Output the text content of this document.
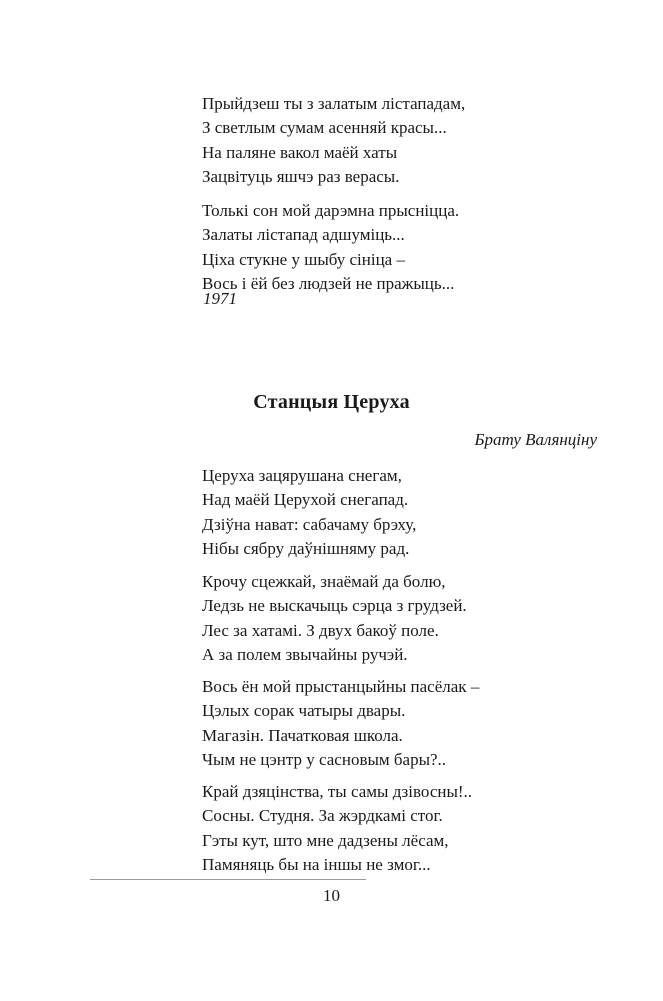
Прыйдзеш ты з залатым лістападам,
З светлым сумам асенняй красы...
На паляне вакол маёй хаты
Зацвітуць яшчэ раз верасы.
Толькі сон мой дарэмна прысніцца.
Залаты лістапад адшуміць...
Ціха стукне у шыбу сініца –
Вось і ёй без людзей не пражыць...
1971
Станцыя Церуха
Брату Валянціну
Церуха зацярушана снегам,
Над маёй Церухой снегапад.
Дзіўна нават: сабачаму брэху,
Нібы сябру даўнішняму рад.
Крочу сцежкай, знаёмай да болю,
Ледзь не выскачыць сэрца з грудзей.
Лес за хатамі. З двух бакоў поле.
А за полем звычайны ручэй.
Вось ён мой прыстанцыйны пасёлак –
Цэлых сорак чатыры двары.
Магазін. Пачатковая школа.
Чым не цэнтр у сасновым бары?..
Край дзяцінства, ты самы дзівосны!..
Сосны. Студня. За жэрдкамі стог.
Гэты кут, што мне дадзены лёсам,
Памяняць бы на іншы не змог...
10
